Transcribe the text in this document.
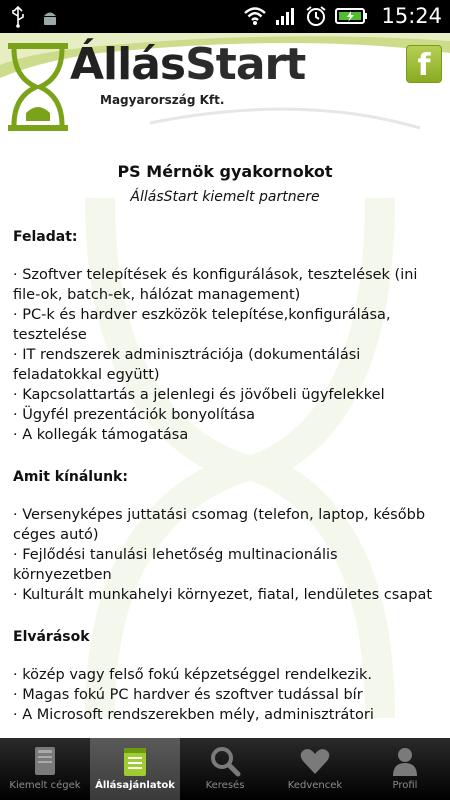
15:24
ÁllásStart
Magyarország Kft.
f
PS Mérnök gyakornokot
ÁllásStart kiemelt partnere
Feladat:
· Szoftver telepítések és konfigurálások, tesztelések (ini file-ok, batch-ek, hálózat management)
· PC-k és hardver eszközök telepítése,konfigurálása, tesztelése
· IT rendszerek adminisztrációja (dokumentálási feladatokkal együtt)
· Kapcsolattartás a jelenlegi és jövőbeli ügyfelekkel
· Ügyfél prezentációk bonyolítása
· A kollegák támogatása
Amit kínálunk:
· Versenyképes juttatási csomag (telefon, laptop, később céges autó)
· Fejlődési tanulási lehetőség multinacionális környezetben
· Kulturált munkahelyi környezet, fiatal, lendületes csapat
Elvárások
· közép vagy felső fokú képzetséggel rendelkezik.
· Magas fokú PC hardver és szoftver tudással bír
· A Microsoft rendszerekben mély, adminisztrátori
Kiemelt cégek	Állásajánlatok	Keresés	Kedvencek	Profil
